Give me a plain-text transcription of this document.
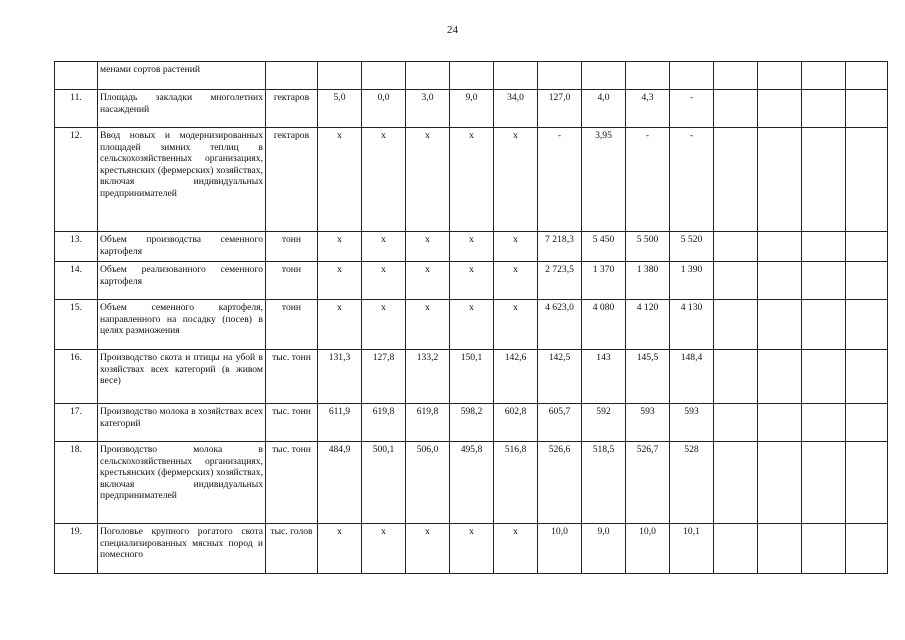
24
	менами сортов растений														
11.	Площадь закладки многолетних насаждений	гектаров	5,0	0,0	3,0	9,0	34,0	127,0	4,0	4,3	-				
12.	Ввод новых и модернизированных площадей зимних теплиц в сельскохозяйственных организациях, крестьянских (фермерских) хозяйствах, включая индивидуальных предпринимателей	гектаров	х	х	х	х	х	-	3,95	-	-				
13.	Объем производства семенного картофеля	тонн	х	х	х	х	х	7 218,3	5 450	5 500	5 520				
14.	Объем реализованного семенного картофеля	тонн	х	х	х	х	х	2 723,5	1 370	1 380	1 390				
15.	Объем семенного картофеля, направленного на посадку (посев) в целях размножения	тонн	х	х	х	х	х	4 623,0	4 080	4 120	4 130				
16.	Производство скота и птицы на убой в хозяйствах всех категорий (в живом весе)	тыс. тонн	131,3	127,8	133,2	150,1	142,6	142,5	143	145,5	148,4				
17.	Производство молока в хозяйствах всех категорий	тыс. тонн	611,9	619,8	619,8	598,2	602,8	605,7	592	593	593				
18.	Производство молока в сельскохозяйственных организациях, крестьянских (фермерских) хозяйствах, включая индивидуальных предпринимателей	тыс. тонн	484,9	500,1	506,0	495,8	516,8	526,6	518,5	526,7	528				
19.	Поголовье крупного рогатого скота специализированных мясных пород и помесного	тыс. голов	х	х	х	х	х	10,0	9,0	10,0	10,1				
